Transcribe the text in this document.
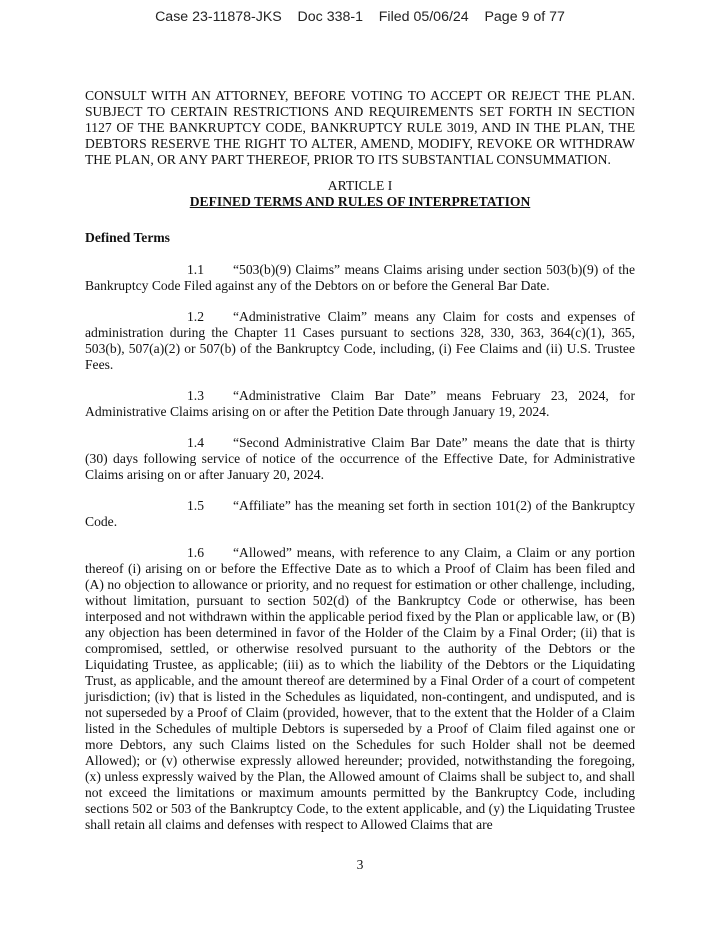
Case 23-11878-JKS    Doc 338-1    Filed 05/06/24    Page 9 of 77

CONSULT WITH AN ATTORNEY, BEFORE VOTING TO ACCEPT OR REJECT THE PLAN. SUBJECT TO CERTAIN RESTRICTIONS AND REQUIREMENTS SET FORTH IN SECTION 1127 OF THE BANKRUPTCY CODE, BANKRUPTCY RULE 3019, AND IN THE PLAN, THE DEBTORS RESERVE THE RIGHT TO ALTER, AMEND, MODIFY, REVOKE OR WITHDRAW THE PLAN, OR ANY PART THEREOF, PRIOR TO ITS SUBSTANTIAL CONSUMMATION.

ARTICLE I
DEFINED TERMS AND RULES OF INTERPRETATION

Defined Terms

1.1 “503(b)(9) Claims” means Claims arising under section 503(b)(9) of the Bankruptcy Code Filed against any of the Debtors on or before the General Bar Date.

1.2 “Administrative Claim” means any Claim for costs and expenses of administration during the Chapter 11 Cases pursuant to sections 328, 330, 363, 364(c)(1), 365, 503(b), 507(a)(2) or 507(b) of the Bankruptcy Code, including, (i) Fee Claims and (ii) U.S. Trustee Fees.

1.3 “Administrative Claim Bar Date” means February 23, 2024, for Administrative Claims arising on or after the Petition Date through January 19, 2024.

1.4 “Second Administrative Claim Bar Date” means the date that is thirty (30) days following service of notice of the occurrence of the Effective Date, for Administrative Claims arising on or after January 20, 2024.

1.5 “Affiliate” has the meaning set forth in section 101(2) of the Bankruptcy Code.

1.6 “Allowed” means, with reference to any Claim, a Claim or any portion thereof (i) arising on or before the Effective Date as to which a Proof of Claim has been filed and (A) no objection to allowance or priority, and no request for estimation or other challenge, including, without limitation, pursuant to section 502(d) of the Bankruptcy Code or otherwise, has been interposed and not withdrawn within the applicable period fixed by the Plan or applicable law, or (B) any objection has been determined in favor of the Holder of the Claim by a Final Order; (ii) that is compromised, settled, or otherwise resolved pursuant to the authority of the Debtors or the Liquidating Trustee, as applicable; (iii) as to which the liability of the Debtors or the Liquidating Trust, as applicable, and the amount thereof are determined by a Final Order of a court of competent jurisdiction; (iv) that is listed in the Schedules as liquidated, non-contingent, and undisputed, and is not superseded by a Proof of Claim (provided, however, that to the extent that the Holder of a Claim listed in the Schedules of multiple Debtors is superseded by a Proof of Claim filed against one or more Debtors, any such Claims listed on the Schedules for such Holder shall not be deemed Allowed); or (v) otherwise expressly allowed hereunder; provided, notwithstanding the foregoing, (x) unless expressly waived by the Plan, the Allowed amount of Claims shall be subject to, and shall not exceed the limitations or maximum amounts permitted by the Bankruptcy Code, including sections 502 or 503 of the Bankruptcy Code, to the extent applicable, and (y) the Liquidating Trustee shall retain all claims and defenses with respect to Allowed Claims that are

3
